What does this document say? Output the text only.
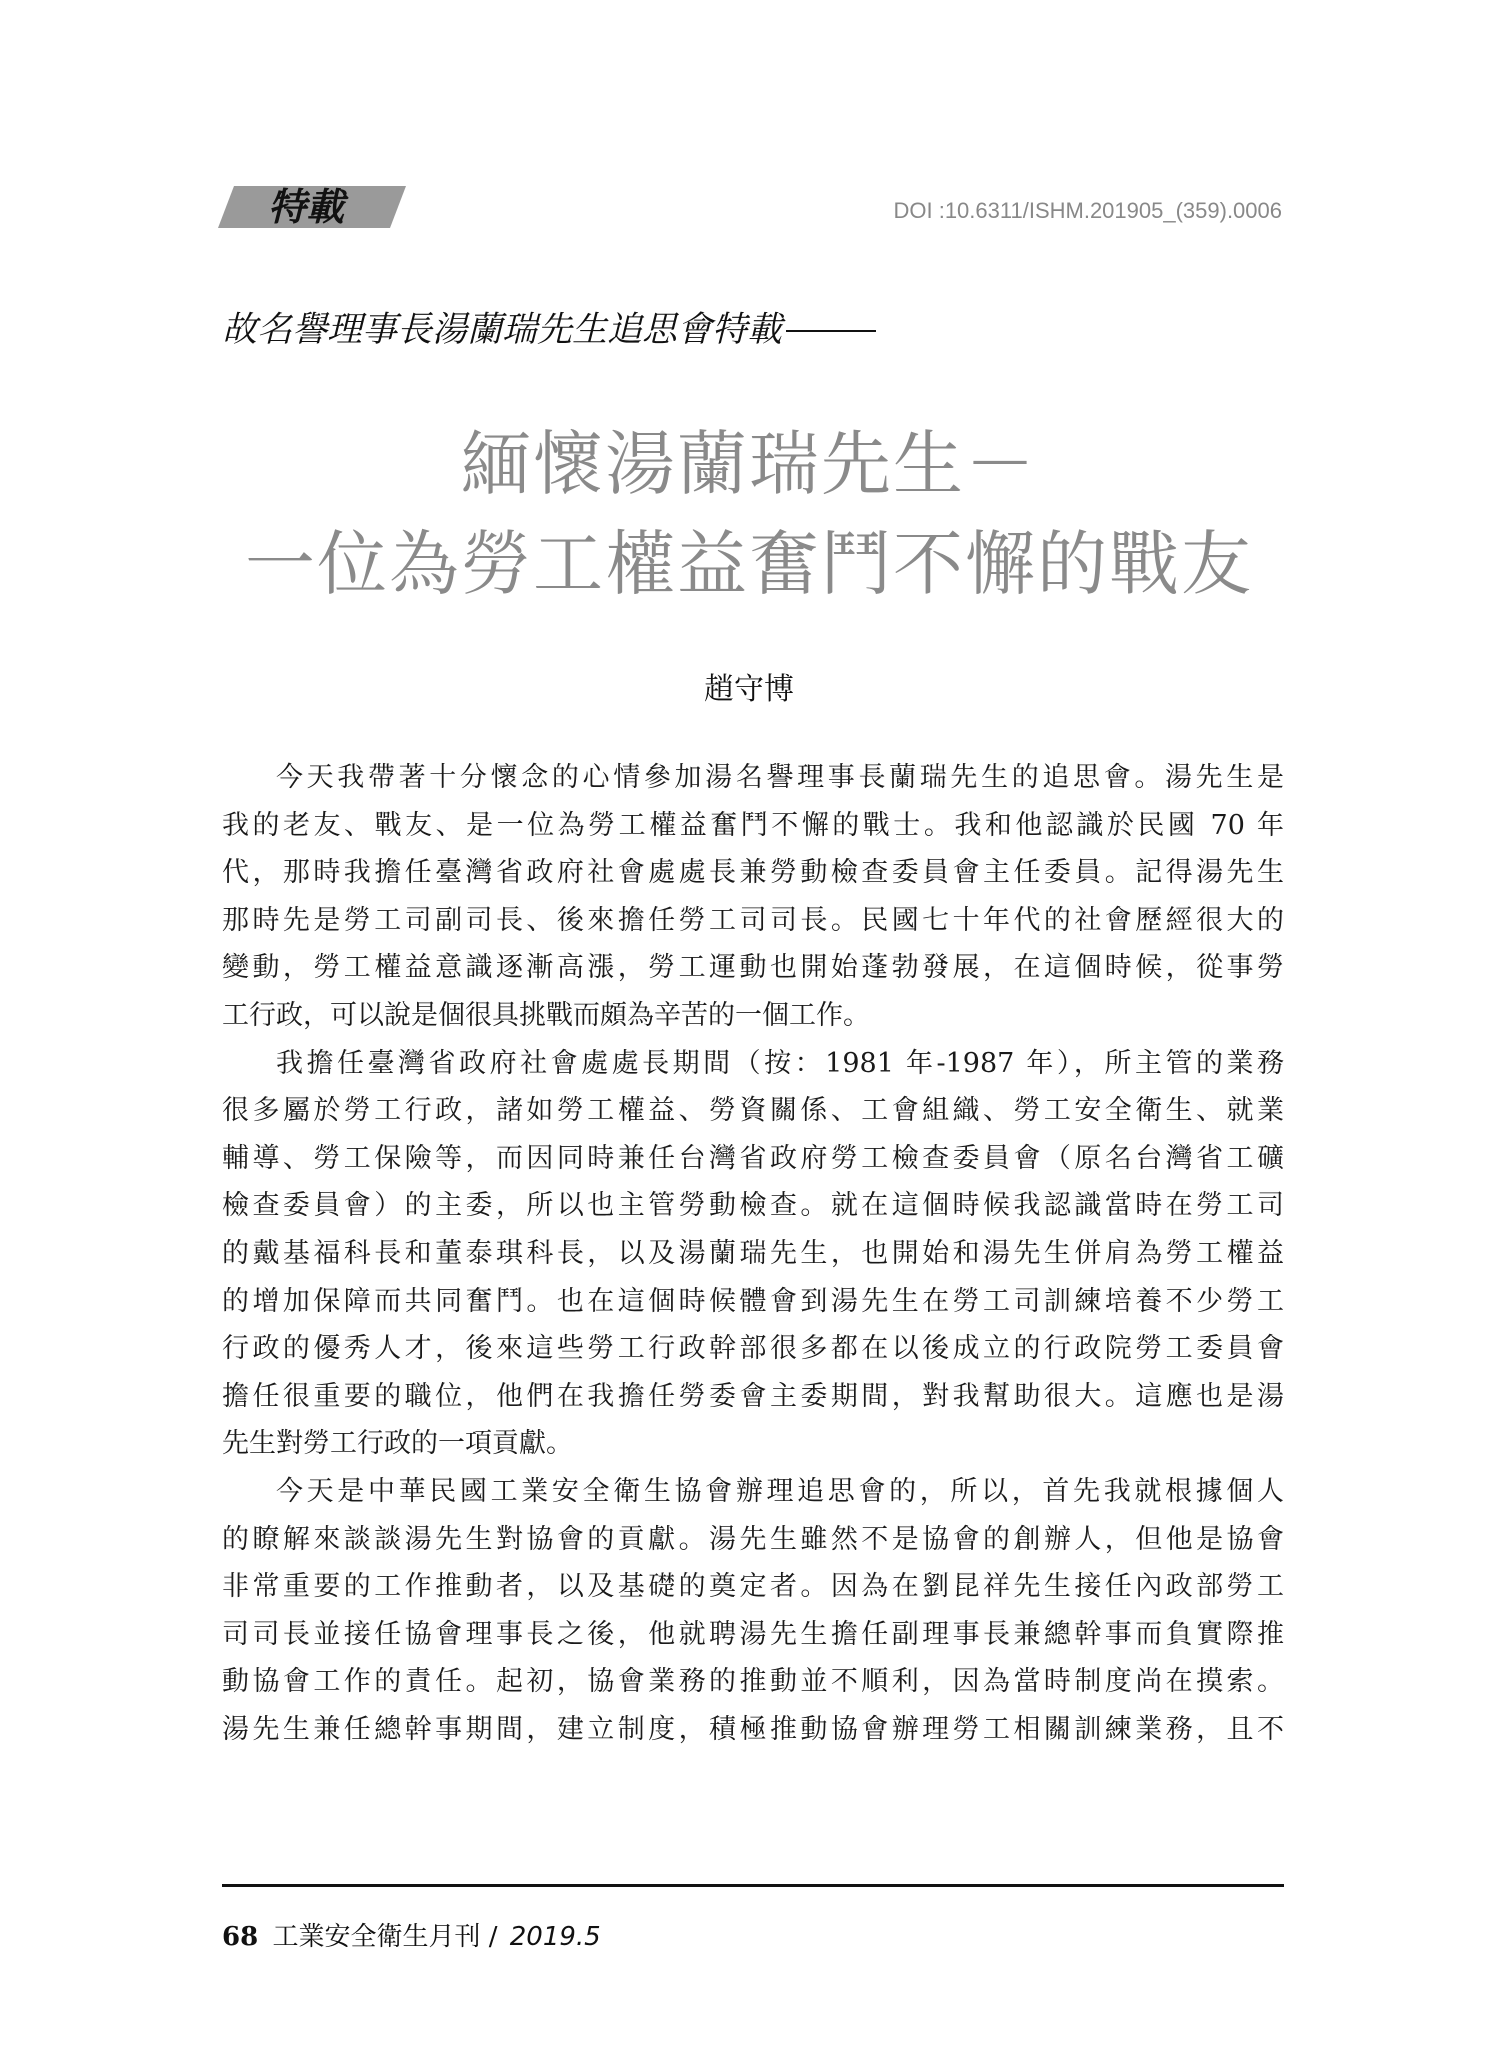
特載	DOI :10.6311/ISHM.201905_(359).0006
故名譽理事長湯蘭瑞先生追思會特載
緬懷湯蘭瑞先生－
一位為勞工權益奮鬥不懈的戰友
趙守博
今天我帶著十分懷念的心情參加湯名譽理事長蘭瑞先生的追思會。湯先生是
我的老友、戰友、是一位為勞工權益奮鬥不懈的戰士。我和他認識於民國 70 年
代，那時我擔任臺灣省政府社會處處長兼勞動檢查委員會主任委員。記得湯先生
那時先是勞工司副司長、後來擔任勞工司司長。民國七十年代的社會歷經很大的
變動，勞工權益意識逐漸高漲，勞工運動也開始蓬勃發展，在這個時候，從事勞
工行政，可以說是個很具挑戰而頗為辛苦的一個工作。
我擔任臺灣省政府社會處處長期間（按：1981 年-1987 年），所主管的業務
很多屬於勞工行政，諸如勞工權益、勞資關係、工會組織、勞工安全衛生、就業
輔導、勞工保險等，而因同時兼任台灣省政府勞工檢查委員會（原名台灣省工礦
檢查委員會）的主委，所以也主管勞動檢查。就在這個時候我認識當時在勞工司
的戴基福科長和董泰琪科長，以及湯蘭瑞先生，也開始和湯先生併肩為勞工權益
的增加保障而共同奮鬥。也在這個時候體會到湯先生在勞工司訓練培養不少勞工
行政的優秀人才，後來這些勞工行政幹部很多都在以後成立的行政院勞工委員會
擔任很重要的職位，他們在我擔任勞委會主委期間，對我幫助很大。這應也是湯
先生對勞工行政的一項貢獻。
今天是中華民國工業安全衛生協會辦理追思會的，所以，首先我就根據個人
的瞭解來談談湯先生對協會的貢獻。湯先生雖然不是協會的創辦人，但他是協會
非常重要的工作推動者，以及基礎的奠定者。因為在劉昆祥先生接任內政部勞工
司司長並接任協會理事長之後，他就聘湯先生擔任副理事長兼總幹事而負實際推
動協會工作的責任。起初，協會業務的推動並不順利，因為當時制度尚在摸索。
湯先生兼任總幹事期間，建立制度，積極推動協會辦理勞工相關訓練業務，且不
68 工業安全衛生月刊 / 2019.5
